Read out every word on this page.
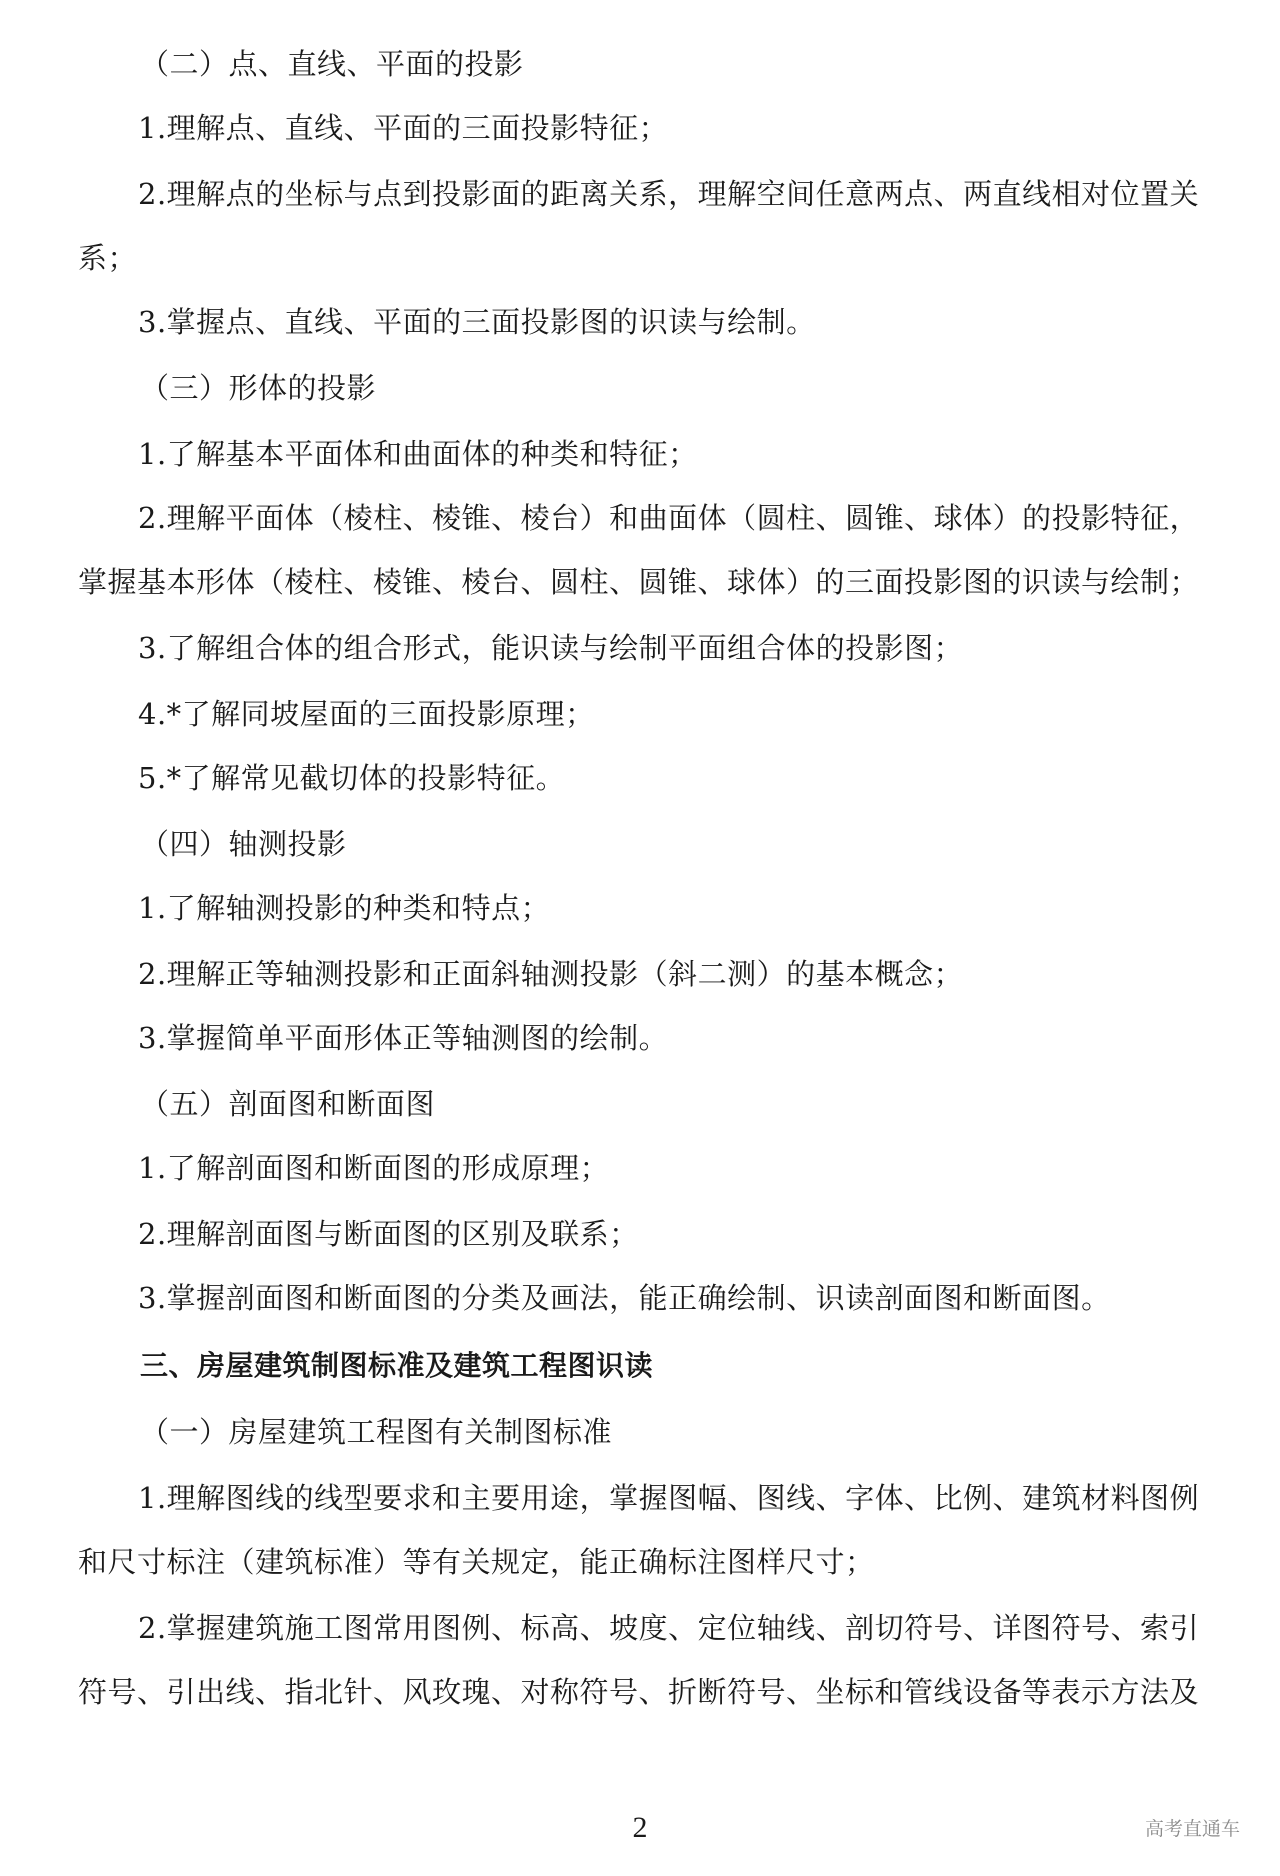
（二）点、直线、平面的投影
1.理解点、直线、平面的三面投影特征；
2.理解点的坐标与点到投影面的距离关系，理解空间任意两点、两直线相对位置关
系；
3.掌握点、直线、平面的三面投影图的识读与绘制。
（三）形体的投影
1.了解基本平面体和曲面体的种类和特征；
2.理解平面体（棱柱、棱锥、棱台）和曲面体（圆柱、圆锥、球体）的投影特征，
掌握基本形体（棱柱、棱锥、棱台、圆柱、圆锥、球体）的三面投影图的识读与绘制；
3.了解组合体的组合形式，能识读与绘制平面组合体的投影图；
4.*了解同坡屋面的三面投影原理；
5.*了解常见截切体的投影特征。
（四）轴测投影
1.了解轴测投影的种类和特点；
2.理解正等轴测投影和正面斜轴测投影（斜二测）的基本概念；
3.掌握简单平面形体正等轴测图的绘制。
（五）剖面图和断面图
1.了解剖面图和断面图的形成原理；
2.理解剖面图与断面图的区别及联系；
3.掌握剖面图和断面图的分类及画法，能正确绘制、识读剖面图和断面图。
三、房屋建筑制图标准及建筑工程图识读
（一）房屋建筑工程图有关制图标准
1.理解图线的线型要求和主要用途，掌握图幅、图线、字体、比例、建筑材料图例
和尺寸标注（建筑标准）等有关规定，能正确标注图样尺寸；
2.掌握建筑施工图常用图例、标高、坡度、定位轴线、剖切符号、详图符号、索引
符号、引出线、指北针、风玫瑰、对称符号、折断符号、坐标和管线设备等表示方法及
2	高考直通车
